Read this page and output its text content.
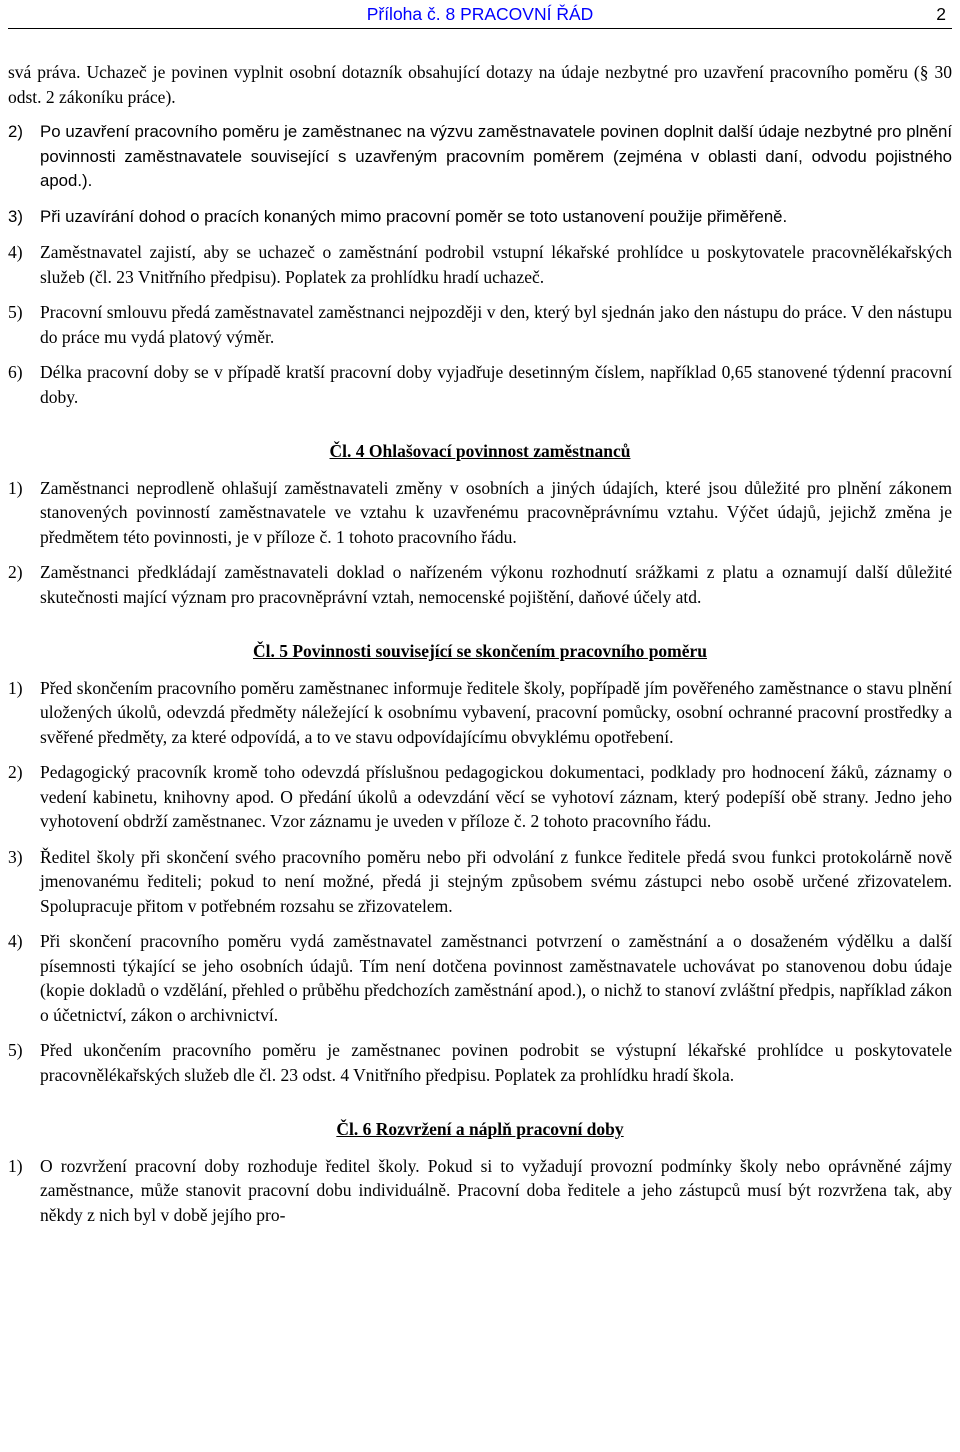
Příloha č. 8 PRACOVNÍ ŘÁD	2

svá práva. Uchazeč je povinen vyplnit osobní dotazník obsahující dotazy na údaje nezbytné pro uzavření pracovního poměru (§ 30 odst. 2 zákoníku práce).

2)	Po uzavření pracovního poměru je zaměstnanec na výzvu zaměstnavatele povinen doplnit další údaje nezbytné pro plnění povinnosti zaměstnavatele související s uzavřeným pracovním poměrem (zejména v oblasti daní, odvodu pojistného apod.).
3)	Při uzavírání dohod o pracích konaných mimo pracovní poměr se toto ustanovení použije přiměřeně.
4) Zaměstnavatel zajistí, aby se uchazeč o zaměstnání podrobil vstupní lékařské prohlídce u poskytovatele pracovnělékařských služeb (čl. 23 Vnitřního předpisu). Poplatek za prohlídku hradí uchazeč.
5) Pracovní smlouvu předá zaměstnavatel zaměstnanci nejpozději v den, který byl sjednán jako den nástupu do práce. V den nástupu do práce mu vydá platový výměr.
6) Délka pracovní doby se v případě kratší pracovní doby vyjadřuje desetinným číslem, například 0,65 stanovené týdenní pracovní doby.
Čl. 4 Ohlašovací povinnost zaměstnanců
1) Zaměstnanci neprodleně ohlašují zaměstnavateli změny v osobních a jiných údajích, které jsou důležité pro plnění zákonem stanovených povinností zaměstnavatele ve vztahu k uzavřenému pracovněprávnímu vztahu. Výčet údajů, jejichž změna je předmětem této povinnosti, je v příloze č. 1 tohoto pracovního řádu.
2) Zaměstnanci předkládají zaměstnavateli doklad o nařízeném výkonu rozhodnutí srážkami z platu a oznamují další důležité skutečnosti mající význam pro pracovněprávní vztah, nemocenské pojištění, daňové účely atd.
Čl. 5 Povinnosti související se skončením pracovního poměru
1) Před skončením pracovního poměru zaměstnanec informuje ředitele školy, popřípadě jím pověřeného zaměstnance o stavu plnění uložených úkolů, odevzdá předměty náležející k osobnímu vybavení, pracovní pomůcky, osobní ochranné pracovní prostředky a svěřené předměty, za které odpovídá, a to ve stavu odpovídajícímu obvyklému opotřebení.
2) Pedagogický pracovník kromě toho odevzdá příslušnou pedagogickou dokumentaci, podklady pro hodnocení žáků, záznamy o vedení kabinetu, knihovny apod. O předání úkolů a odevzdání věcí se vyhotoví záznam, který podepíší obě strany. Jedno jeho vyhotovení obdrží zaměstnanec. Vzor záznamu je uveden v příloze č. 2 tohoto pracovního řádu.
3) Ředitel školy při skončení svého pracovního poměru nebo při odvolání z funkce ředitele předá svou funkci protokolárně nově jmenovanému řediteli; pokud to není možné, předá ji stejným způsobem svému zástupci nebo osobě určené zřizovatelem. Spolupracuje přitom v potřebném rozsahu se zřizovatelem.
4) Při skončení pracovního poměru vydá zaměstnavatel zaměstnanci potvrzení o zaměstnání a o dosaženém výdělku a další písemnosti týkající se jeho osobních údajů. Tím není dotčena povinnost zaměstnavatele uchovávat po stanovenou dobu údaje (kopie dokladů o vzdělání, přehled o průběhu předchozích zaměstnání apod.), o nichž to stanoví zvláštní předpis, například zákon o účetnictví, zákon o archivnictví.
5) Před ukončením pracovního poměru je zaměstnanec povinen podrobit se výstupní lékařské prohlídce u poskytovatele pracovnělékařských služeb dle čl. 23 odst. 4 Vnitřního předpisu. Poplatek za prohlídku hradí škola.
Čl. 6 Rozvržení a náplň pracovní doby
1) O rozvržení pracovní doby rozhoduje ředitel školy. Pokud si to vyžadují provozní podmínky školy nebo oprávněné zájmy zaměstnance, může stanovit pracovní dobu individuálně. Pracovní doba ředitele a jeho zástupců musí být rozvržena tak, aby někdy z nich byl v době jejího pro-
